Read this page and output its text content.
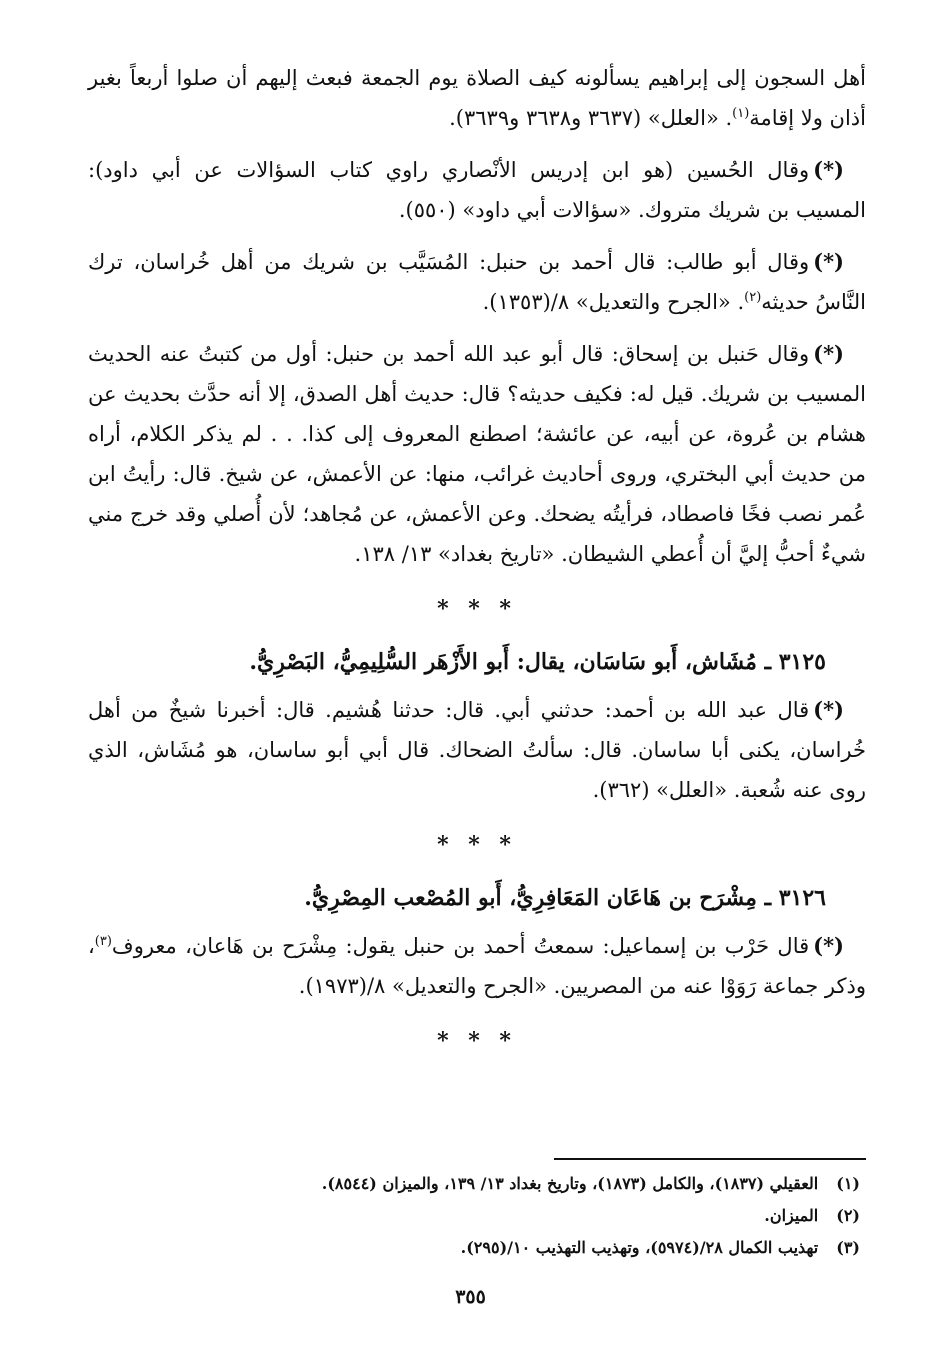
أهل السجون إلى إبراهيم يسألونه كيف الصلاة يوم الجمعة فبعث إليهم أن صلوا أربعاً بغير أذان ولا إقامة$^{(١)}$. «العلل» (٣٦٣٧ و٣٦٣٨ و٣٦٣٩).

(*)وقال الحُسين (هو ابن إدريس الأنْصاري راوي كتاب السؤالات عن أبي داود): المسيب بن شريك متروك. «سؤالات أبي داود» (٥٥٠).

(*)وقال أبو طالب: قال أحمد بن حنبل: المُسَيَّب بن شريك من أهل خُراسان، ترك النَّاسُ حديثه$^{(٢)}$. «الجرح والتعديل» ٨/(١٣٥٣).

(*)وقال حَنبل بن إسحاق: قال أبو عبد الله أحمد بن حنبل: أول من كتبتُ عنه الحديث المسيب بن شريك. قيل له: فكيف حديثه؟ قال: حديث أهل الصدق، إلا أنه حدَّث بحديث عن هشام بن عُروة، عن أبيه، عن عائشة؛ اصطنع المعروف إلى كذا. . . لم يذكر الكلام، أراه من حديث أبي البختري، وروى أحاديث غرائب، منها: عن الأعمش، عن شيخ. قال: رأيتُ ابن عُمر نصب فخًا فاصطاد، فرأيتُه يضحك. وعن الأعمش، عن مُجاهد؛ لأن أُصلي وقد خرج مني شيءٌ أحبُّ إليَّ أن أُعطي الشيطان. «تاريخ بغداد» ١٣/ ١٣٨.

* * *
٣١٢٥ ـ مُشَاش، أَبو سَاسَان، يقال: أَبو الأَزْهَر السُّلِيمِيُّ، البَصْرِيُّ.

(*)قال عبد الله بن أحمد: حدثني أبي. قال: حدثنا هُشيم. قال: أخبرنا شيخٌ من أهل خُراسان، يكنى أبا ساسان. قال: سألتُ الضحاك. قال أبي أبو ساسان، هو مُشَاش، الذي روى عنه شُعبة. «العلل» (٣٦٢).

* * *
٣١٢٦ ـ مِشْرَح بن هَاعَان المَعَافِرِيُّ، أَبو المُصْعب المِصْرِيُّ.

(*)قال حَرْب بن إسماعيل: سمعتُ أحمد بن حنبل يقول: مِشْرَح بن هَاعان، معروف$^{(٣)}$، وذكر جماعة رَوَوْا عنه من المصريين. «الجرح والتعديل» ٨/(١٩٧٣).

* * *

(١)العقيلي (١٨٣٧)، والكامل (١٨٧٣)، وتاريخ بغداد ١٣/ ١٣٩، والميزان (٨٥٤٤).

(٢)الميزان.

(٣)تهذيب الكمال ٢٨/(٥٩٧٤)، وتهذيب التهذيب ١٠/(٢٩٥).

٣٥٥
